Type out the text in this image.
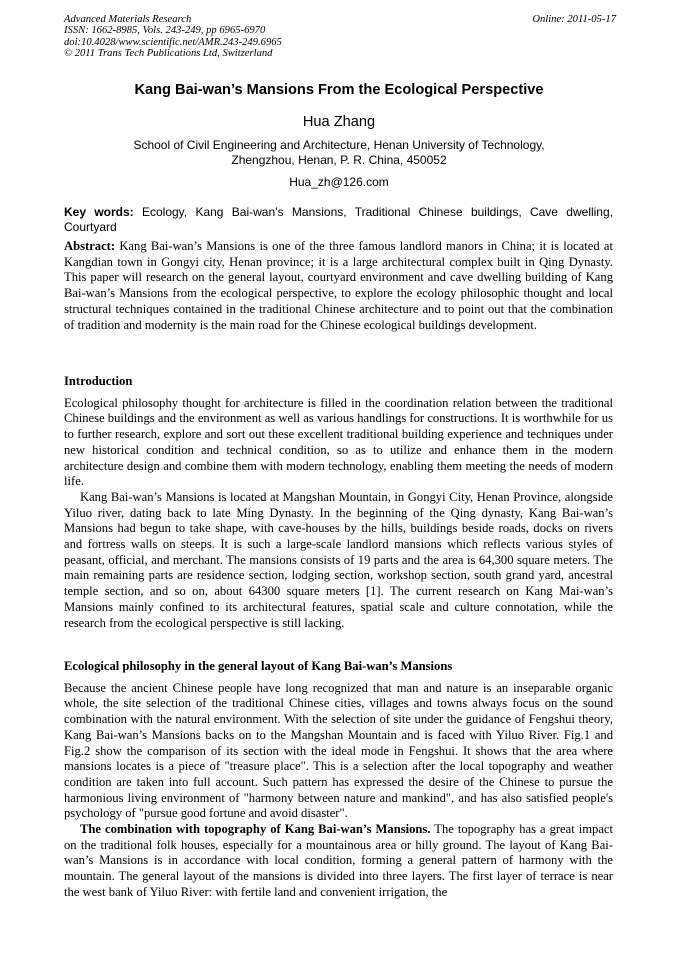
Advanced Materials Research
ISSN: 1662-8985, Vols. 243-249, pp 6965-6970
doi:10.4028/www.scientific.net/AMR.243-249.6965
© 2011 Trans Tech Publications Ltd, Switzerland
Online: 2011-05-17
Kang Bai-wan’s Mansions From the Ecological Perspective
Hua Zhang
School of Civil Engineering and Architecture, Henan University of Technology,
Zhengzhou, Henan, P. R. China, 450052
Hua_zh@126.com
Key words: Ecology, Kang Bai-wan’s Mansions, Traditional Chinese buildings, Cave dwelling, Courtyard

Abstract: Kang Bai-wan’s Mansions is one of the three famous landlord manors in China; it is located at Kangdian town in Gongyi city, Henan province; it is a large architectural complex built in Qing Dynasty. This paper will research on the general layout, courtyard environment and cave dwelling building of Kang Bai-wan’s Mansions from the ecological perspective, to explore the ecology philosophic thought and local structural techniques contained in the traditional Chinese architecture and to point out that the combination of tradition and modernity is the main road for the Chinese ecological buildings development.

Introduction

Ecological philosophy thought for architecture is filled in the coordination relation between the traditional Chinese buildings and the environment as well as various handlings for constructions. It is worthwhile for us to further research, explore and sort out these excellent traditional building experience and techniques under new historical condition and technical condition, so as to utilize and enhance them in the modern architecture design and combine them with modern technology, enabling them meeting the needs of modern life.

Kang Bai-wan’s Mansions is located at Mangshan Mountain, in Gongyi City, Henan Province, alongside Yiluo river, dating back to late Ming Dynasty. In the beginning of the Qing dynasty, Kang Bai-wan’s Mansions had begun to take shape, with cave-houses by the hills, buildings beside roads, docks on rivers and fortress walls on steeps. It is such a large-scale landlord mansions which reflects various styles of peasant, official, and merchant. The mansions consists of 19 parts and the area is 64,300 square meters. The main remaining parts are residence section, lodging section, workshop section, south grand yard, ancestral temple section, and so on, about 64300 square meters [1]. The current research on Kang Mai-wan’s Mansions mainly confined to its architectural features, spatial scale and culture connotation, while the research from the ecological perspective is still lacking.

Ecological philosophy in the general layout of Kang Bai-wan’s Mansions

Because the ancient Chinese people have long recognized that man and nature is an inseparable organic whole, the site selection of the traditional Chinese cities, villages and towns always focus on the sound combination with the natural environment. With the selection of site under the guidance of Fengshui theory, Kang Bai-wan’s Mansions backs on to the Mangshan Mountain and is faced with Yiluo River. Fig.1 and Fig.2 show the comparison of its section with the ideal mode in Fengshui. It shows that the area where mansions locates is a piece of "treasure place". This is a selection after the local topography and weather condition are taken into full account. Such pattern has expressed the desire of the Chinese to pursue the harmonious living environment of "harmony between nature and mankind", and has also satisfied people's psychology of "pursue good fortune and avoid disaster".

The combination with topography of Kang Bai-wan’s Mansions. The topography has a great impact on the traditional folk houses, especially for a mountainous area or hilly ground. The layout of Kang Bai-wan’s Mansions is in accordance with local condition, forming a general pattern of harmony with the mountain. The general layout of the mansions is divided into three layers. The first layer of terrace is near the west bank of Yiluo River: with fertile land and convenient irrigation, the
